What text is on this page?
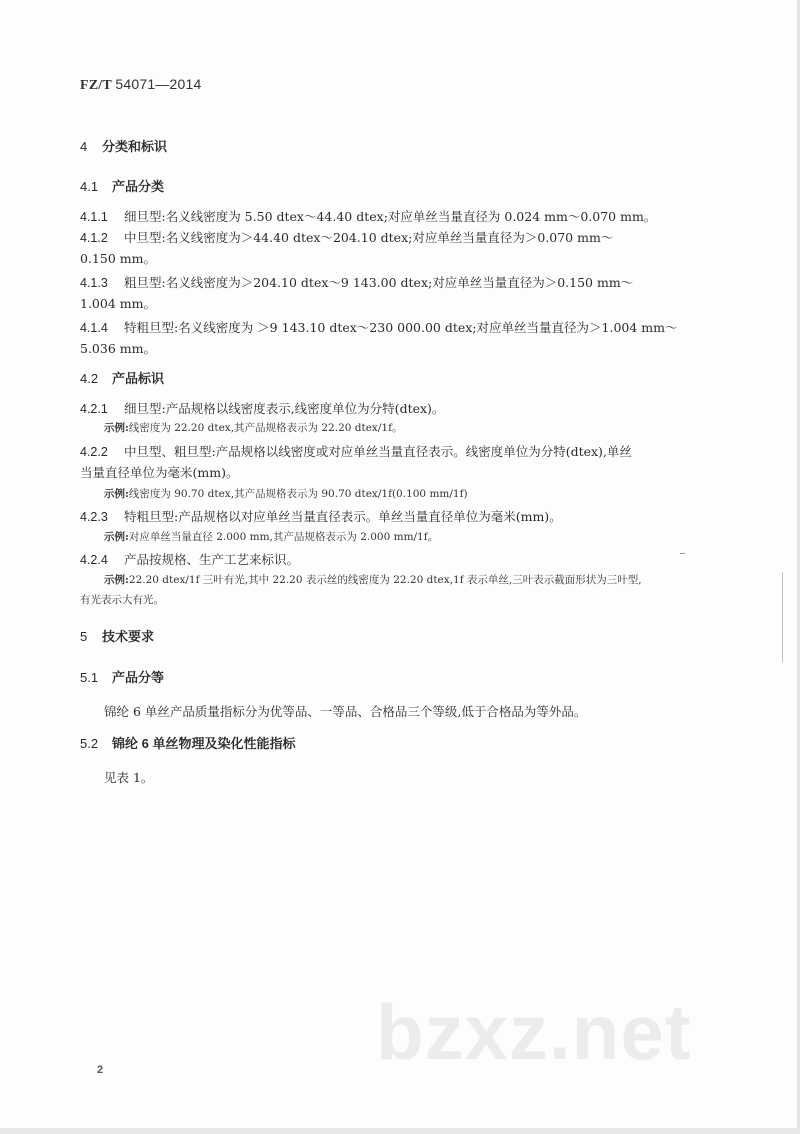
FZ/T 54071—2014
4 分类和标识
4.1 产品分类
4.1.1 细旦型:名义线密度为 5.50 dtex～44.40 dtex;对应单丝当量直径为 0.024 mm～0.070 mm。
4.1.2 中旦型:名义线密度为＞44.40 dtex～204.10 dtex;对应单丝当量直径为＞0.070 mm～
0.150 mm。
4.1.3 粗旦型:名义线密度为＞204.10 dtex～9 143.00 dtex;对应单丝当量直径为＞0.150 mm～
1.004 mm。
4.1.4 特粗旦型:名义线密度为 ＞9 143.10 dtex～230 000.00 dtex;对应单丝当量直径为＞1.004 mm～
5.036 mm。
4.2 产品标识
4.2.1 细旦型:产品规格以线密度表示,线密度单位为分特(dtex)。
示例:线密度为 22.20 dtex,其产品规格表示为 22.20 dtex/1f。
4.2.2 中旦型、粗旦型:产品规格以线密度或对应单丝当量直径表示。线密度单位为分特(dtex),单丝
当量直径单位为毫米(mm)。
示例:线密度为 90.70 dtex,其产品规格表示为 90.70 dtex/1f(0.100 mm/1f)
4.2.3 特粗旦型:产品规格以对应单丝当量直径表示。单丝当量直径单位为毫米(mm)。
示例:对应单丝当量直径 2.000 mm,其产品规格表示为 2.000 mm/1f。
4.2.4 产品按规格、生产工艺来标识。
示例:22.20 dtex/1f 三叶有光,其中 22.20 表示丝的线密度为 22.20 dtex,1f 表示单丝,三叶表示截面形状为三叶型,
有光表示大有光。
5 技术要求
5.1 产品分等
锦纶 6 单丝产品质量指标分为优等品、一等品、合格品三个等级,低于合格品为等外品。
5.2 锦纶 6 单丝物理及染化性能指标
见表 1。
bzxz.net
2
